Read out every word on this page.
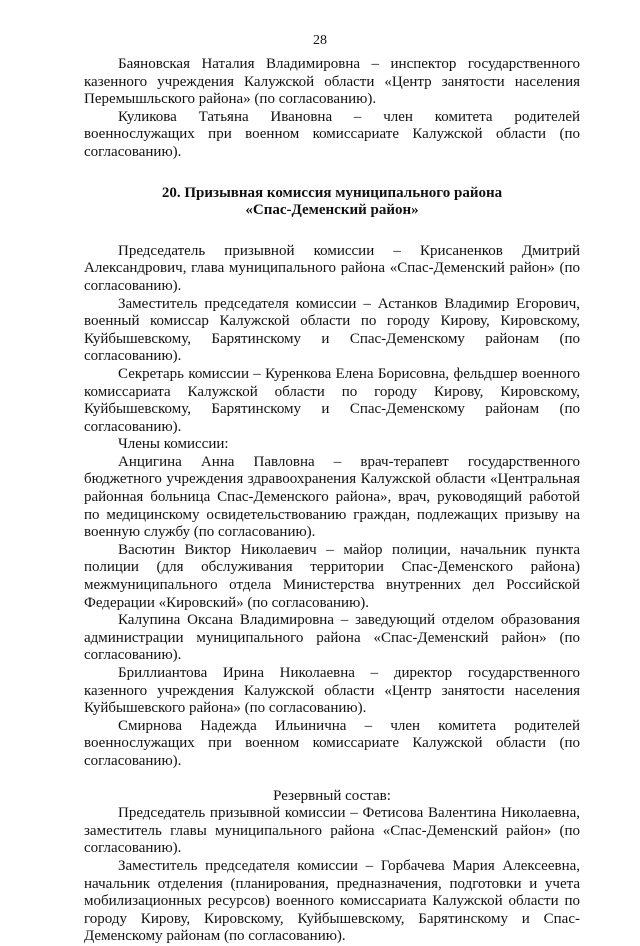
28

Баяновская Наталия Владимировна – инспектор государственного казенного учреждения Калужской области «Центр занятости населения Перемышльского района» (по согласованию).

Куликова Татьяна Ивановна – член комитета родителей военнослужащих при военном комиссариате Калужской области (по согласованию).

20. Призывная комиссия муниципального района
«Спас-Деменский район»

Председатель призывной комиссии – Крисаненков Дмитрий Александрович, глава муниципального района «Спас-Деменский район» (по согласованию).

Заместитель председателя комиссии – Астанков Владимир Егорович, военный комиссар Калужской области по городу Кирову, Кировскому, Куйбышевскому, Барятинскому и Спас-Деменскому районам (по согласованию).

Секретарь комиссии – Куренкова Елена Борисовна, фельдшер военного комиссариата Калужской области по городу Кирову, Кировскому, Куйбышевскому, Барятинскому и Спас-Деменскому районам (по согласованию).

Члены комиссии:

Анцигина Анна Павловна – врач-терапевт государственного бюджетного учреждения здравоохранения Калужской области «Центральная районная больница Спас-Деменского района», врач, руководящий работой по медицинскому освидетельствованию граждан, подлежащих призыву на военную службу (по согласованию).

Васютин Виктор Николаевич – майор полиции, начальник пункта полиции (для обслуживания территории Спас-Деменского района) межмуниципального отдела Министерства внутренних дел Российской Федерации «Кировский» (по согласованию).

Калупина Оксана Владимировна – заведующий отделом образования администрации муниципального района «Спас-Деменский район» (по согласованию).

Бриллиантова Ирина Николаевна – директор государственного казенного учреждения Калужской области «Центр занятости населения Куйбышевского района» (по согласованию).

Смирнова Надежда Ильинична – член комитета родителей военнослужащих при военном комиссариате Калужской области (по согласованию).

Резервный состав:

Председатель призывной комиссии – Фетисова Валентина Николаевна, заместитель главы муниципального района «Спас-Деменский район» (по согласованию).

Заместитель председателя комиссии – Горбачева Мария Алексеевна, начальник отделения (планирования, предназначения, подготовки и учета мобилизационных ресурсов) военного комиссариата Калужской области по городу Кирову, Кировскому, Куйбышевскому, Барятинскому и Спас-Деменскому районам (по согласованию).
